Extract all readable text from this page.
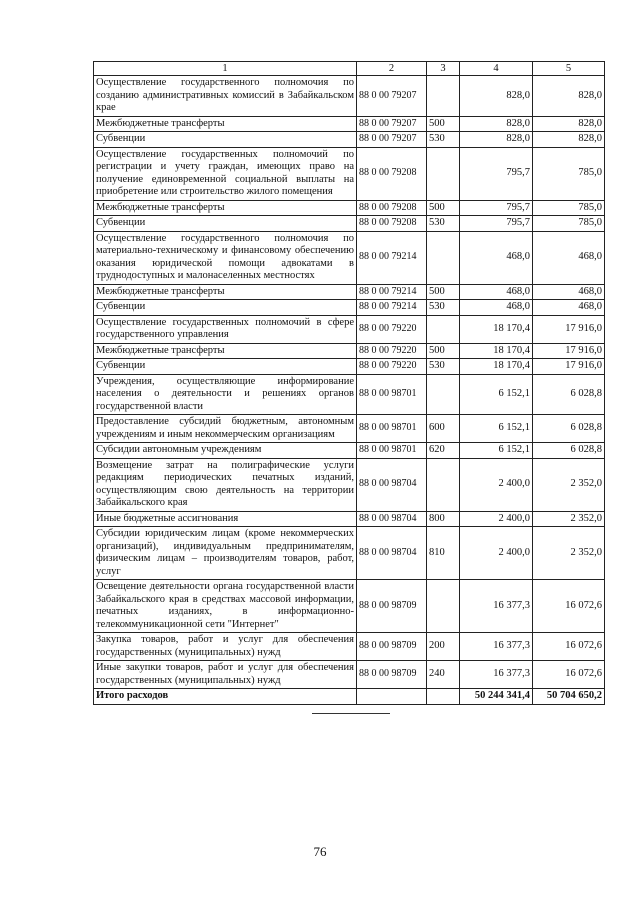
1	2	3	4	5
Осуществление государственного полномочия по созданию административных комиссий в Забайкальском крае	88 0 00 79207		828,0	828,0
Межбюджетные трансферты	88 0 00 79207	500	828,0	828,0
Субвенции	88 0 00 79207	530	828,0	828,0
Осуществление государственных полномочий по регистрации и учету граждан, имеющих право на получение единовременной социальной выплаты на приобретение или строительство жилого помещения	88 0 00 79208		795,7	785,0
Межбюджетные трансферты	88 0 00 79208	500	795,7	785,0
Субвенции	88 0 00 79208	530	795,7	785,0
Осуществление государственного полномочия по материально-техническому и финансовому обеспечению оказания юридической помощи адвокатами в труднодоступных и малонаселенных местностях	88 0 00 79214		468,0	468,0
Межбюджетные трансферты	88 0 00 79214	500	468,0	468,0
Субвенции	88 0 00 79214	530	468,0	468,0
Осуществление государственных полномочий в сфере государственного управления	88 0 00 79220		18 170,4	17 916,0
Межбюджетные трансферты	88 0 00 79220	500	18 170,4	17 916,0
Субвенции	88 0 00 79220	530	18 170,4	17 916,0
Учреждения, осуществляющие информирование населения о деятельности и решениях органов государственной власти	88 0 00 98701		6 152,1	6 028,8
Предоставление субсидий бюджетным, автономным учреждениям и иным некоммерческим организациям	88 0 00 98701	600	6 152,1	6 028,8
Субсидии автономным учреждениям	88 0 00 98701	620	6 152,1	6 028,8
Возмещение затрат на полиграфические услуги редакциям периодических печатных изданий, осуществляющим свою деятельность на территории Забайкальского края	88 0 00 98704		2 400,0	2 352,0
Иные бюджетные ассигнования	88 0 00 98704	800	2 400,0	2 352,0
Субсидии юридическим лицам (кроме некоммерческих организаций), индивидуальным предпринимателям, физическим лицам – производителям товаров, работ, услуг	88 0 00 98704	810	2 400,0	2 352,0
Освещение деятельности органа государственной власти Забайкальского края в средствах массовой информации, печатных изданиях, в информационно-телекоммуникационной сети "Интернет"	88 0 00 98709		16 377,3	16 072,6
Закупка товаров, работ и услуг для обеспечения государственных (муниципальных) нужд	88 0 00 98709	200	16 377,3	16 072,6
Иные закупки товаров, работ и услуг для обеспечения государственных (муниципальных) нужд	88 0 00 98709	240	16 377,3	16 072,6
Итого расходов			50 244 341,4	50 704 650,2
76
